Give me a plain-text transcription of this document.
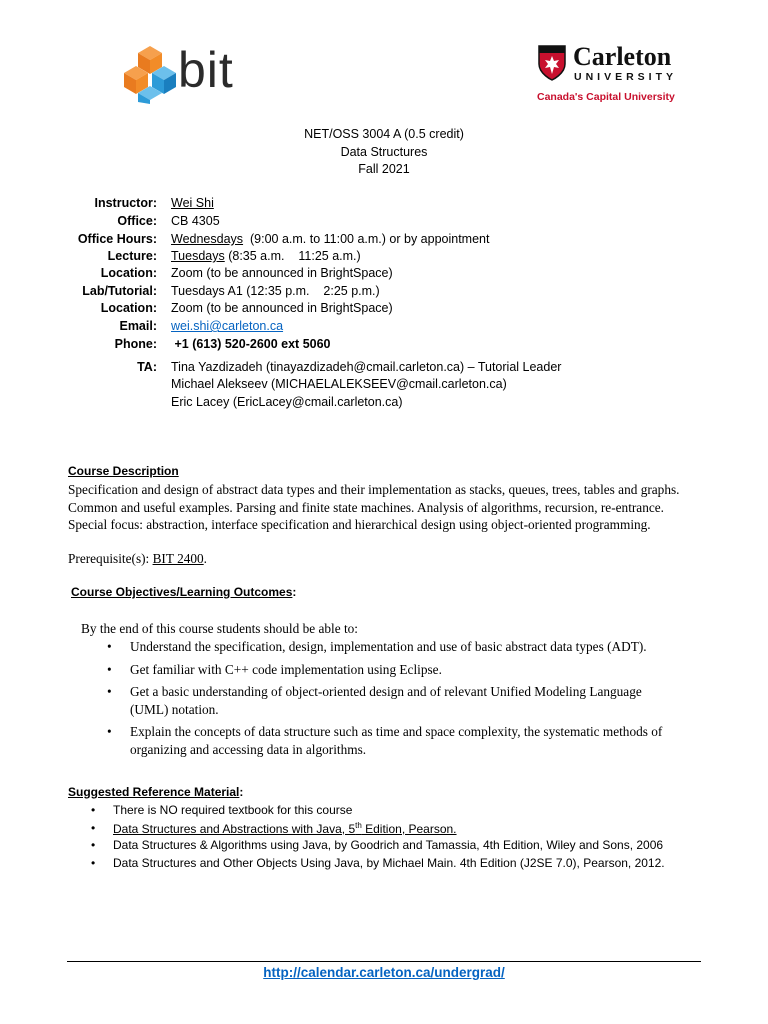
bit	Carleton
UNIVERSITY
Canada's Capital University
NET/OSS 3004 A (0.5 credit)
Data Structures
Fall 2021
Instructor: Wei Shi
Office: CB 4305
Office Hours: Wednesdays  (9:00 a.m. to 11:00 a.m.) or by appointment
Lecture: Tuesdays (8:35 a.m.    11:25 a.m.)
Location: Zoom (to be announced in BrightSpace)
Lab/Tutorial: Tuesdays A1 (12:35 p.m.    2:25 p.m.)
Location: Zoom (to be announced in BrightSpace)
Email: wei.shi@carleton.ca
Phone: +1 (613) 520-2600 ext 5060
TA: Tina Yazdizadeh (tinayazdizadeh@cmail.carleton.ca) – Tutorial Leader
Michael Alekseev (MICHAELALEKSEEV@cmail.carleton.ca)
Eric Lacey (EricLacey@cmail.carleton.ca)
Course Description
Specification and design of abstract data types and their implementation as stacks, queues, trees, tables and graphs. Common and useful examples. Parsing and finite state machines. Analysis of algorithms, recursion, re-entrance. Special focus: abstraction, interface specification and hierarchical design using object-oriented programming.
Prerequisite(s): BIT 2400.
Course Objectives/Learning Outcomes:
By the end of this course students should be able to:
• Understand the specification, design, implementation and use of basic abstract data types (ADT).
• Get familiar with C++ code implementation using Eclipse.
• Get a basic understanding of object-oriented design and of relevant Unified Modeling Language (UML) notation.
• Explain the concepts of data structure such as time and space complexity, the systematic methods of organizing and accessing data in algorithms.
Suggested Reference Material:
• There is NO required textbook for this course
• Data Structures and Abstractions with Java, 5th Edition, Pearson.
• Data Structures & Algorithms using Java, by Goodrich and Tamassia, 4th Edition, Wiley and Sons, 2006
• Data Structures and Other Objects Using Java, by Michael Main. 4th Edition (J2SE 7.0), Pearson, 2012.
http://calendar.carleton.ca/undergrad/
